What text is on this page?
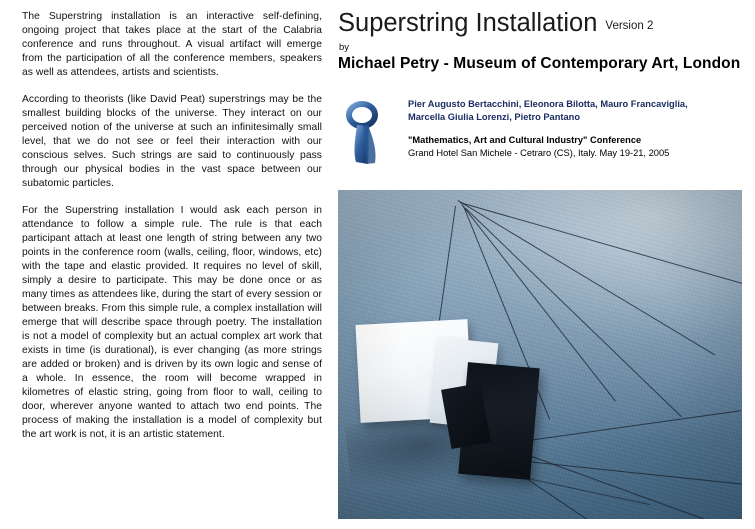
The Superstring installation is an interactive self-defining, ongoing project that takes place at the start of the Calabria conference and runs throughout. A visual artifact will emerge from the participation of all the conference members, speakers as well as attendees, artists and scientists.

According to theorists (like David Peat) superstrings may be the smallest building blocks of the universe. They interact on our perceived notion of the universe at such an infinitesimally small level, that we do not see or feel their interaction with our conscious selves. Such strings are said to continuously pass through our physical bodies in the vast space between our subatomic particles.

For the Superstring installation I would ask each person in attendance to follow a simple rule. The rule is that each participant attach at least one length of string between any two points in the conference room (walls, ceiling, floor, windows, etc) with the tape and elastic provided. It requires no level of skill, simply a desire to participate. This may be done once or as many times as attendees like, during the start of every session or between breaks. From this simple rule, a complex installation will emerge that will describe space through poetry. The installation is not a model of complexity but an actual complex art work that exists in time (is durational), is ever changing (as more strings are added or broken) and is driven by its own logic and sense of a whole. In essence, the room will become wrapped in kilometres of elastic string, going from floor to wall, ceiling to door, wherever anyone wanted to attach two end points. The process of making the installation is a model of complexity but the art work is not, it is an artistic statement.

Superstring Installation Version 2
by
Michael Petry - Museum of Contemporary Art, London
Pier Augusto Bertacchini, Eleonora Bilotta, Mauro Francaviglia,
Marcella Giulia Lorenzi, Pietro Pantano
"Mathematics, Art and Cultural Industry" Conference
Grand Hotel San Michele - Cetraro (CS), Italy. May 19-21, 2005
